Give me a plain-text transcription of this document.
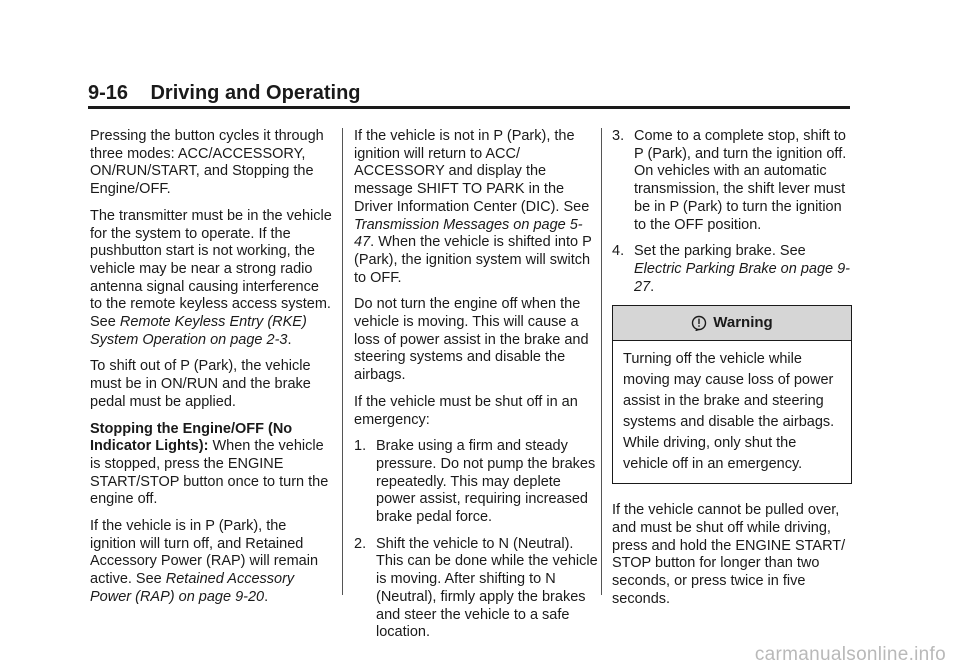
9-16 Driving and Operating

Pressing the button cycles it through three modes: ACC/ACCESSORY, ON/RUN/START, and Stopping the Engine/OFF.

The transmitter must be in the vehicle for the system to operate. If the pushbutton start is not working, the vehicle may be near a strong radio antenna signal causing interference to the remote keyless access system. See Remote Keyless Entry (RKE) System Operation on page 2-3.

To shift out of P (Park), the vehicle must be in ON/RUN and the brake pedal must be applied.

Stopping the Engine/OFF (No Indicator Lights): When the vehicle is stopped, press the ENGINE START/STOP button once to turn the engine off.

If the vehicle is in P (Park), the ignition will turn off, and Retained Accessory Power (RAP) will remain active. See Retained Accessory Power (RAP) on page 9-20.

If the vehicle is not in P (Park), the ignition will return to ACC/ ACCESSORY and display the message SHIFT TO PARK in the Driver Information Center (DIC). See Transmission Messages on page 5-47. When the vehicle is shifted into P (Park), the ignition system will switch to OFF.

Do not turn the engine off when the vehicle is moving. This will cause a loss of power assist in the brake and steering systems and disable the airbags.

If the vehicle must be shut off in an emergency:

1. Brake using a firm and steady pressure. Do not pump the brakes repeatedly. This may deplete power assist, requiring increased brake pedal force.
2. Shift the vehicle to N (Neutral). This can be done while the vehicle is moving. After shifting to N (Neutral), firmly apply the brakes and steer the vehicle to a safe location.
3. Come to a complete stop, shift to P (Park), and turn the ignition off. On vehicles with an automatic transmission, the shift lever must be in P (Park) to turn the ignition to the OFF position.
4. Set the parking brake. See Electric Parking Brake on page 9-27.
Warning
Turning off the vehicle while moving may cause loss of power assist in the brake and steering systems and disable the airbags. While driving, only shut the vehicle off in an emergency.

If the vehicle cannot be pulled over, and must be shut off while driving, press and hold the ENGINE START/ STOP button for longer than two seconds, or press twice in five seconds.

carmanualsonline.info
